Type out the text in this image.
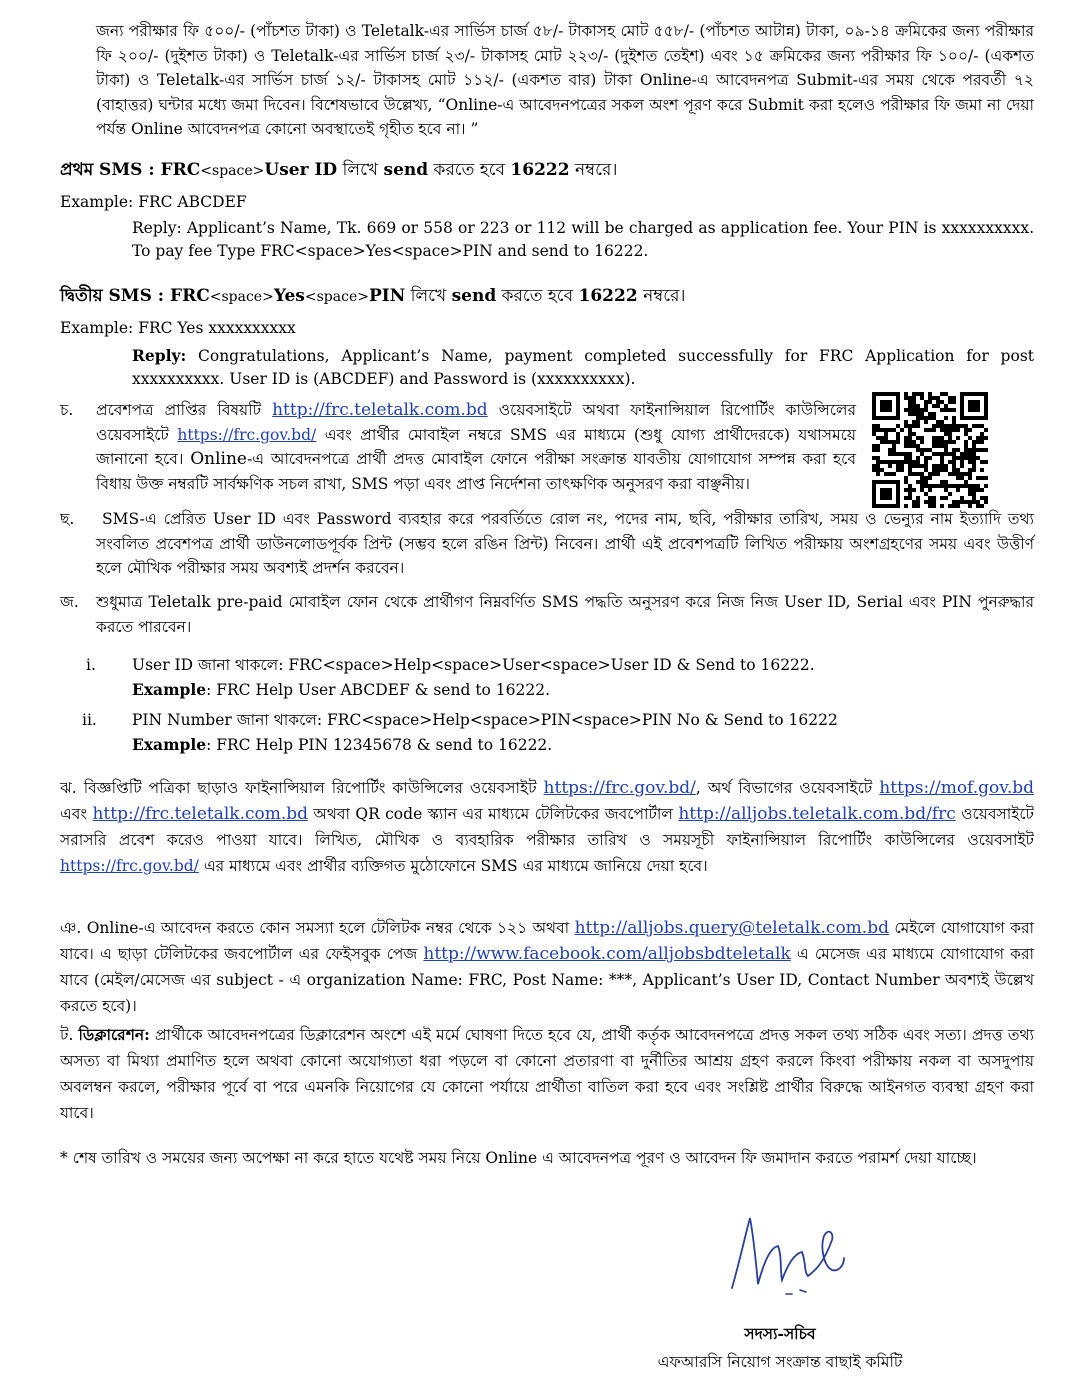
জন্য পরীক্ষার ফি ৫০০/- (পাঁচশত টাকা) ও Teletalk-এর সার্ভিস চার্জ ৫৮/- টাকাসহ মোট ৫৫৮/- (পাঁচশত আটান্ন) টাকা, ০৯-১৪ ক্রমিকের জন্য পরীক্ষার ফি ২০০/- (দুইশত টাকা) ও Teletalk-এর সার্ভিস চার্জ ২৩/- টাকাসহ মোট ২২৩/- (দুইশত তেইশ) এবং ১৫ ক্রমিকের জন্য পরীক্ষার ফি ১০০/- (একশত টাকা) ও Teletalk-এর সার্ভিস চার্জ ১২/- টাকাসহ মোট ১১২/- (একশত বার) টাকা Online-এ আবেদনপত্র Submit-এর সময় থেকে পরবর্তী ৭২ (বাহাত্তর) ঘন্টার মধ্যে জমা দিবেন। বিশেষভাবে উল্লেখ্য, “Online-এ আবেদনপত্রের সকল অংশ পূরণ করে Submit করা হলেও পরীক্ষার ফি জমা না দেয়া পর্যন্ত Online আবেদনপত্র কোনো অবস্থাতেই গৃহীত হবে না। ”
প্রথম SMS : FRC<space>User ID লিখে send করতে হবে 16222 নম্বরে।
Example: FRC ABCDEF
Reply: Applicant’s Name, Tk. 669 or 558 or 223 or 112 will be charged as application fee. Your PIN is xxxxxxxxxx. To pay fee Type FRC<space>Yes<space>PIN and send to 16222.
দ্বিতীয় SMS : FRC<space>Yes<space>PIN লিখে send করতে হবে 16222 নম্বরে।
Example: FRC Yes xxxxxxxxxx
Reply: Congratulations, Applicant’s Name, payment completed successfully for FRC Application for post xxxxxxxxxx. User ID is (ABCDEF) and Password is (xxxxxxxxxx).
চ. প্রবেশপত্র প্রাপ্তির বিষয়টি http://frc.teletalk.com.bd ওয়েবসাইটে অথবা ফাইনান্সিয়াল রিপোর্টিং কাউন্সিলের ওয়েবসাইটে https://frc.gov.bd/ এবং প্রার্থীর মোবাইল নম্বরে SMS এর মাধ্যমে (শুধু যোগ্য প্রার্থীদেরকে) যথাসময়ে জানানো হবে। Online-এ আবেদনপত্রে প্রার্থী প্রদত্ত মোবাইল ফোনে পরীক্ষা সংক্রান্ত যাবতীয় যোগাযোগ সম্পন্ন করা হবে বিধায় উক্ত নম্বরটি সার্বক্ষণিক সচল রাখা, SMS পড়া এবং প্রাপ্ত নির্দেশনা তাৎক্ষণিক অনুসরণ করা বাঞ্ছনীয়।
ছ.	SMS-এ প্রেরিত User ID এবং Password ব্যবহার করে পরবর্তিতে রোল নং, পদের নাম, ছবি, পরীক্ষার তারিখ, সময় ও ভেন্যুর নাম ইত্যাদি তথ্য সংবলিত প্রবেশপত্র প্রার্থী ডাউনলোডপূর্বক প্রিন্ট (সম্ভব হলে রঙিন প্রিন্ট) নিবেন। প্রার্থী এই প্রবেশপত্রটি লিখিত পরীক্ষায় অংশগ্রহণের সময় এবং উত্তীর্ণ হলে মৌখিক পরীক্ষার সময় অবশ্যই প্রদর্শন করবেন।
জ. শুধুমাত্র Teletalk pre-paid মোবাইল ফোন থেকে প্রার্থীগণ নিম্নবর্ণিত SMS পদ্ধতি অনুসরণ করে নিজ নিজ User ID, Serial এবং PIN পুনরুদ্ধার করতে পারবেন।
i. User ID জানা থাকলে: FRC<space>Help<space>User<space>User ID & Send to 16222.
Example: FRC Help User ABCDEF & send to 16222.
ii. PIN Number জানা থাকলে: FRC<space>Help<space>PIN<space>PIN No & Send to 16222
Example: FRC Help PIN 12345678 & send to 16222.
ঝ. বিজ্ঞপ্তিটি পত্রিকা ছাড়াও ফাইনান্সিয়াল রিপোর্টিং কাউন্সিলের ওয়েবসাইট https://frc.gov.bd/, অর্থ বিভাগের ওয়েবসাইটে https://mof.gov.bd এবং http://frc.teletalk.com.bd অথবা QR code স্ক্যান এর মাধ্যমে টেলিটকের জবপোর্টাল http://alljobs.teletalk.com.bd/frc ওয়েবসাইটে সরাসরি প্রবেশ করেও পাওয়া যাবে। লিখিত, মৌখিক ও ব্যবহারিক পরীক্ষার তারিখ ও সময়সূচী ফাইনান্সিয়াল রিপোর্টিং কাউন্সিলের ওয়েবসাইট https://frc.gov.bd/ এর মাধ্যমে এবং প্রার্থীর ব্যক্তিগত মুঠোফোনে SMS এর মাধ্যমে জানিয়ে দেয়া হবে।
ঞ. Online-এ আবেদন করতে কোন সমস্যা হলে টেলিটক নম্বর থেকে ১২১ অথবা http://alljobs.query@teletalk.com.bd মেইলে যোগাযোগ করা যাবে। এ ছাড়া টেলিটকের জবপোর্টাল এর ফেইসবুক পেজ http://www.facebook.com/alljobsbdteletalk এ মেসেজ এর মাধ্যমে যোগাযোগ করা যাবে (মেইল/মেসেজ এর subject - এ organization Name: FRC, Post Name: ***, Applicant’s User ID, Contact Number অবশ্যই উল্লেখ করতে হবে)।
ট. ডিক্লারেশন: প্রার্থীকে আবেদনপত্রের ডিক্লারেশন অংশে এই মর্মে ঘোষণা দিতে হবে যে, প্রার্থী কর্তৃক আবেদনপত্রে প্রদত্ত সকল তথ্য সঠিক এবং সত্য। প্রদত্ত তথ্য অসত্য বা মিথ্যা প্রমাণিত হলে অথবা কোনো অযোগ্যতা ধরা পড়লে বা কোনো প্রতারণা বা দুর্নীতির আশ্রয় গ্রহণ করলে কিংবা পরীক্ষায় নকল বা অসদুপায় অবলম্বন করলে, পরীক্ষার পূর্বে বা পরে এমনকি নিয়োগের যে কোনো পর্যায়ে প্রার্থীতা বাতিল করা হবে এবং সংশ্লিষ্ট প্রার্থীর বিরুদ্ধে আইনগত ব্যবস্থা গ্রহণ করা যাবে।
* শেষ তারিখ ও সময়ের জন্য অপেক্ষা না করে হাতে যথেষ্ট সময় নিয়ে Online এ আবেদনপত্র পূরণ ও আবেদন ফি জমাদান করতে পরামর্শ দেয়া যাচ্ছে।
সদস্য-সচিব
এফআরসি নিয়োগ সংক্রান্ত বাছাই কমিটি
